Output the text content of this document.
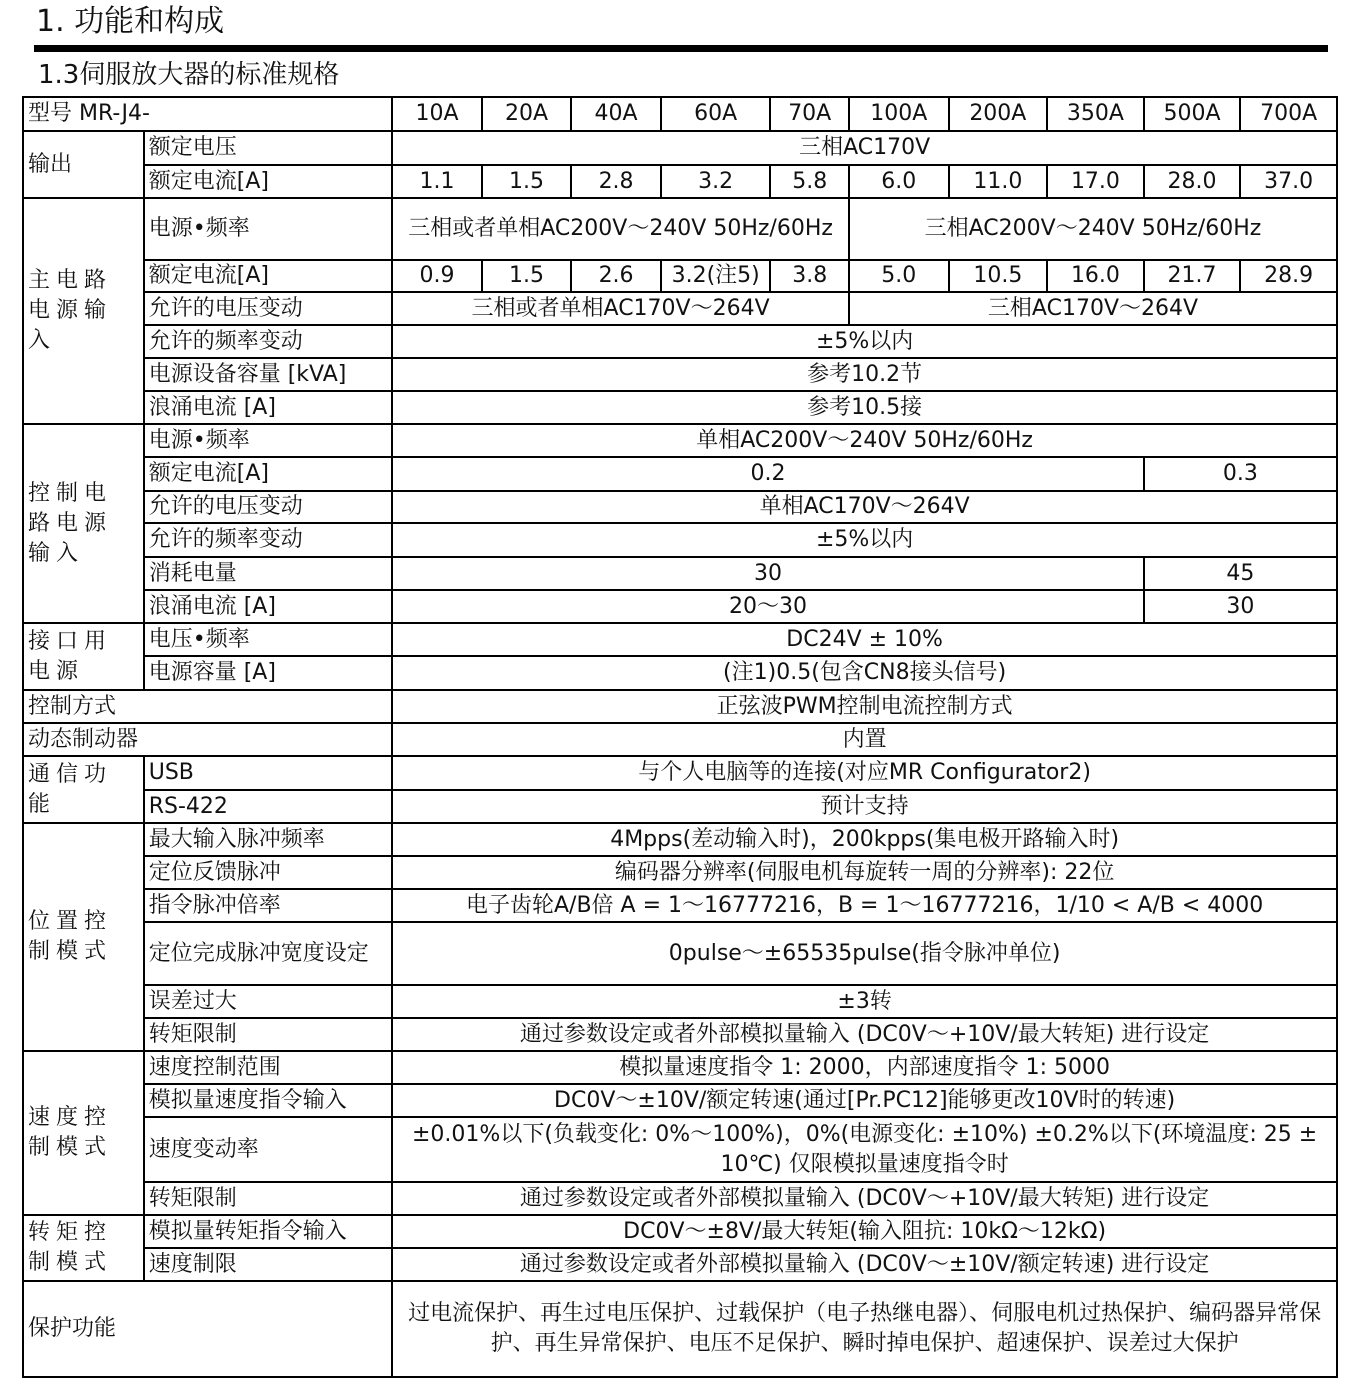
1. 功能和构成
1.3伺服放大器的标准规格
型号 MR-J4-		10A	20A	40A	60A	70A	100A	200A	350A	500A	700A
输出	额定电压	三相AC170V									
	额定电流[A]	1.1	1.5	2.8	3.2	5.8	6.0	11.0	17.0	28.0	37.0
主电路电源输入	电源•频率	三相或者单相AC200V～240V 50Hz/60Hz					三相AC200V～240V 50Hz/60Hz				
	额定电流[A]	0.9	1.5	2.6	3.2(注5)	3.8	5.0	10.5	16.0	21.7	28.9
	允许的电压变动	三相或者单相AC170V～264V					三相AC170V～264V				
	允许的频率变动	±5%以内									
	电源设备容量 [kVA]	参考10.2节									
	浪涌电流 [A]	参考10.5接									
控制电路电源输入	电源•频率	单相AC200V～240V 50Hz/60Hz									
	额定电流[A]	0.2								0.3	
	允许的电压变动	单相AC170V～264V									
	允许的频率变动	±5%以内									
	消耗电量	30								45	
	浪涌电流 [A]	20～30								30	
接口用电源	电压•频率	DC24V ± 10%									
	电源容量 [A]	(注1)0.5(包含CN8接头信号)									
控制方式		正弦波PWM控制电流控制方式									
动态制动器		内置									
通信功能	USB	与个人电脑等的连接(对应MR Configurator2)									
	RS-422	预计支持									
位置控制模式	最大输入脉冲频率	4Mpps(差动输入时)，200kpps(集电极开路输入时)									
	定位反馈脉冲	编码器分辨率(伺服电机每旋转一周的分辨率): 22位									
	指令脉冲倍率	电子齿轮A/B倍 A = 1～16777216，B = 1～16777216，1/10 < A/B < 4000									
	定位完成脉冲宽度设定	0pulse～±65535pulse(指令脉冲单位)									
	误差过大	±3转									
	转矩限制	通过参数设定或者外部模拟量输入 (DC0V～+10V/最大转矩) 进行设定									
速度控制模式	速度控制范围	模拟量速度指令 1: 2000，内部速度指令 1: 5000									
	模拟量速度指令输入	DC0V～±10V/额定转速(通过[Pr.PC12]能够更改10V时的转速)									
	速度变动率	±0.01%以下(负载变化: 0%～100%)，0%(电源变化: ±10%) ±0.2%以下(环境温度: 25 ± 10℃) 仅限模拟量速度指令时									
	转矩限制	通过参数设定或者外部模拟量输入 (DC0V～+10V/最大转矩) 进行设定									
转矩控制模式	模拟量转矩指令输入	DC0V～±8V/最大转矩(输入阻抗: 10kΩ～12kΩ)									
	速度制限	通过参数设定或者外部模拟量输入 (DC0V～±10V/额定转速) 进行设定									
保护功能		过电流保护、再生过电压保护、过载保护（电子热继电器）、伺服电机过热保护、编码器异常保护、再生异常保护、电压不足保护、瞬时掉电保护、超速保护、误差过大保护									
